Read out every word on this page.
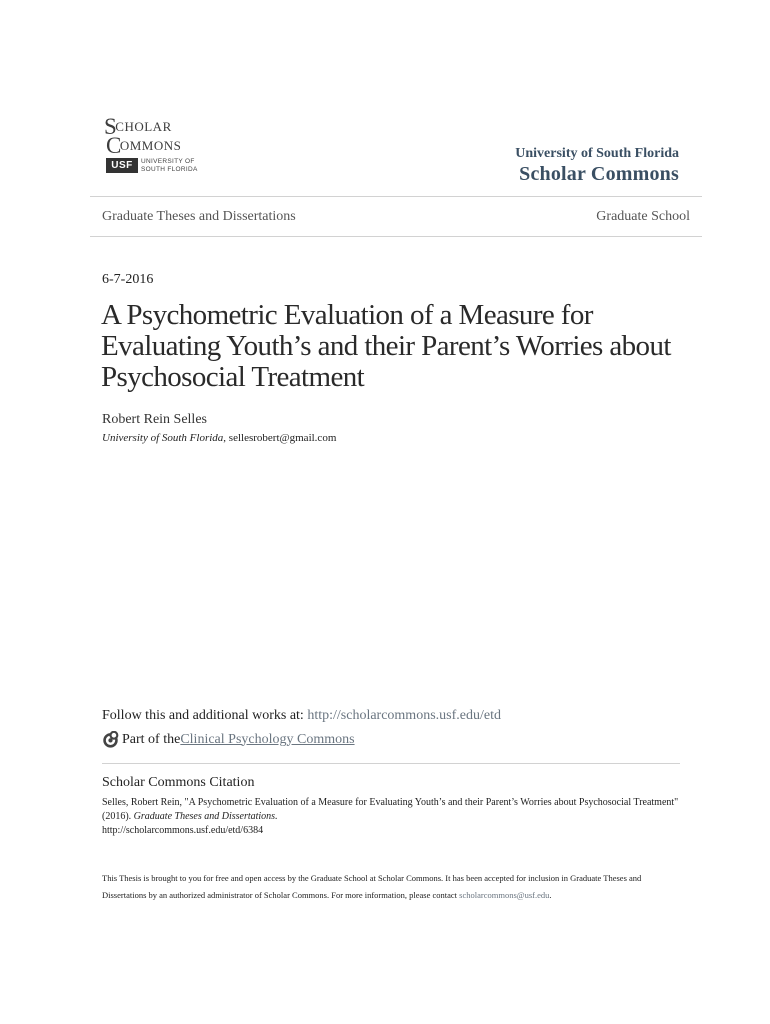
SCHOLAR
COMMONS
USF	UNIVERSITY OF
SOUTH FLORIDA
University of South Florida
Scholar Commons
Graduate Theses and Dissertations	Graduate School
6-7-2016
A Psychometric Evaluation of a Measure for Evaluating Youth’s and their Parent’s Worries about Psychosocial Treatment
Robert Rein Selles
University of South Florida, sellesrobert@gmail.com
Follow this and additional works at: http://scholarcommons.usf.edu/etd
Part of the Clinical Psychology Commons
Scholar Commons Citation
Selles, Robert Rein, "A Psychometric Evaluation of a Measure for Evaluating Youth’s and their Parent’s Worries about Psychosocial Treatment" (2016). Graduate Theses and Dissertations.
http://scholarcommons.usf.edu/etd/6384
This Thesis is brought to you for free and open access by the Graduate School at Scholar Commons. It has been accepted for inclusion in Graduate Theses and Dissertations by an authorized administrator of Scholar Commons. For more information, please contact scholarcommons@usf.edu.
